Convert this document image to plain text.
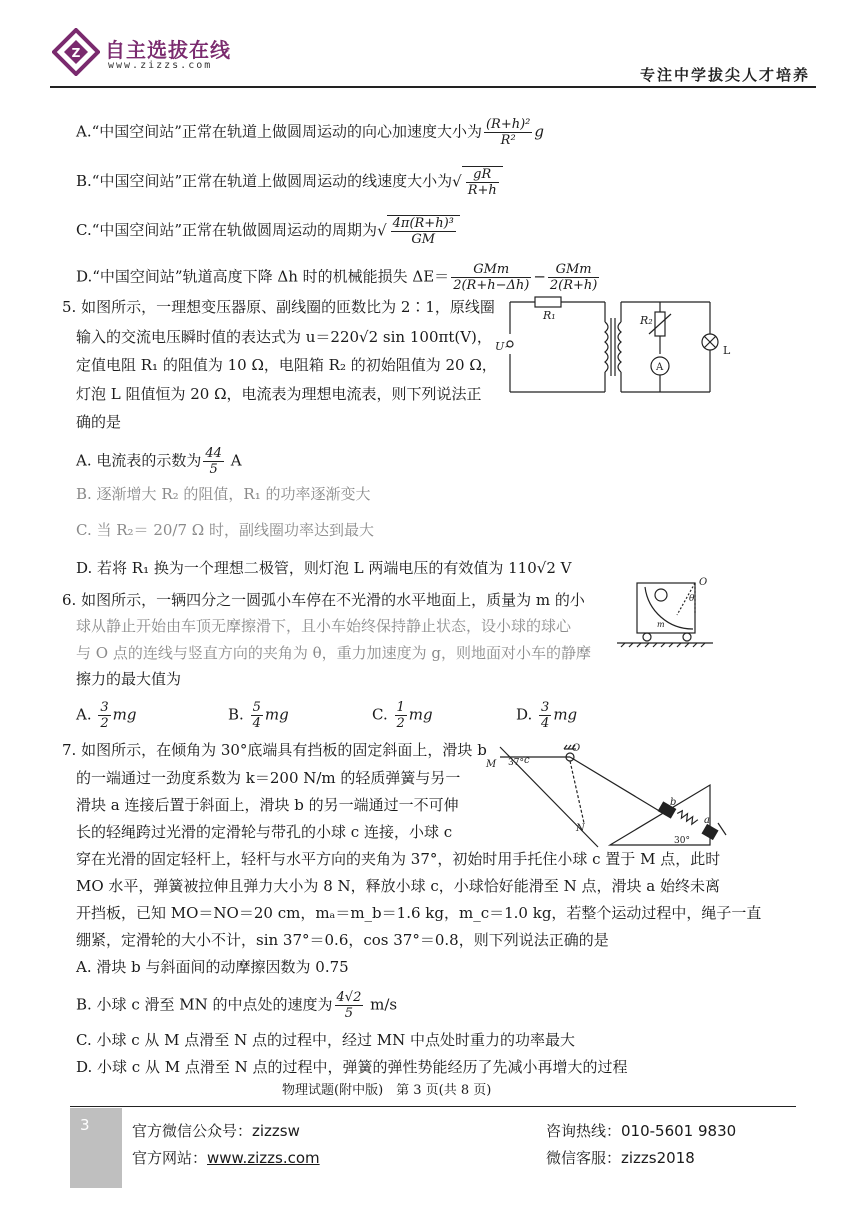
Z 自主选拔在线
www.zizzs.com
专注中学拔尖人才培养
A.“中国空间站”正常在轨道上做圆周运动的向心加速度大小为 $\frac{\text{(R+h)²}}{\text{R²}}$ g
B.“中国空间站”正常在轨道上做圆周运动的线速度大小为√ $\frac{gR}{R+h}$
C.“中国空间站”正常在轨做圆周运动的周期为√ $\frac{\text{4π(R+h)³}}{GM}$
D.“中国空间站”轨道高度下降 Δh 时的机械能损失 $\Delta E= \frac{\text{GMm}}{2(R+h-\Delta h)} - \frac{\text{GMm}}{2(R+h)}$
5. 如图所示，一理想变压器原、副线圈的匝数比为 2∶1，原线圈
输入的交流电压瞬时值的表达式为 u＝220√2 sin 100πt(V)，
定值电阻 R₁ 的阻值为 10 Ω，电阻箱 R₂ 的初始阻值为 20 Ω，
灯泡 L 阻值恒为 20 Ω，电流表为理想电流表，则下列说法正
确的是
A. 电流表的示数为 $\frac{44}{5}$ A
B. 逐渐增大 R₂ 的阻值，R₁ 的功率逐渐变大
C. 当 R₂＝ 20/7 Ω 时，副线圈功率达到最大
D. 若将 R₁ 换为一个理想二极管，则灯泡 L 两端电压的有效值为 110√2 V
R₁	R₂
U~
A
L
6. 如图所示，一辆四分之一圆弧小车停在不光滑的水平地面上，质量为 m 的小
球从静止开始由车顶无摩擦滑下，且小车始终保持静止状态，设小球的球心
与 O 点的连线与竖直方向的夹角为 θ，重力加速度为 g，则地面对小车的静摩
擦力的最大值为
A. $\frac{3}{2}$ mg	B. $\frac{5}{4}$ mg	C. $\frac{1}{2}$ mg	D. $\frac{3}{4}$ mg
O
θ
m
7. 如图所示，在倾角为 30°底端具有挡板的固定斜面上，滑块 b
的一端通过一劲度系数为 k＝200 N/m 的轻质弹簧与另一
滑块 a 连接后置于斜面上，滑块 b 的另一端通过一不可伸
长的轻绳跨过光滑的定滑轮与带孔的小球 c 连接，小球 c
穿在光滑的固定轻杆上，轻杆与水平方向的夹角为 37°，初始时用手托住小球 c 置于 M 点，此时
MO 水平，弹簧被拉伸且弹力大小为 8 N，释放小球 c，小球恰好能滑至 N 点，滑块 a 始终未离
开挡板，已知 MO＝NO＝20 cm，mₐ＝m_b＝1.6 kg，m_c＝1.0 kg，若整个运动过程中，绳子一直
绷紧，定滑轮的大小不计，sin 37°＝0.6，cos 37°＝0.8，则下列说法正确的是
A. 滑块 b 与斜面间的动摩擦因数为 0.75
B. 小球 c 滑至 MN 的中点处的速度为 $\frac{4√2}{5} m/s$
C. 小球 c 从 M 点滑至 N 点的过程中，经过 MN 中点处时重力的功率最大
D. 小球 c 从 M 点滑至 N 点的过程中，弹簧的弹性势能经历了先减小再增大的过程
c
O
M 37°
N
b
a
30°
物理试题(附中版)　第 3 页(共 8 页)
3	官方微信公众号：zizzsw
官方网站：www.zizzs.com
咨询热线：010-5601 9830
微信客服：zizzs2018
